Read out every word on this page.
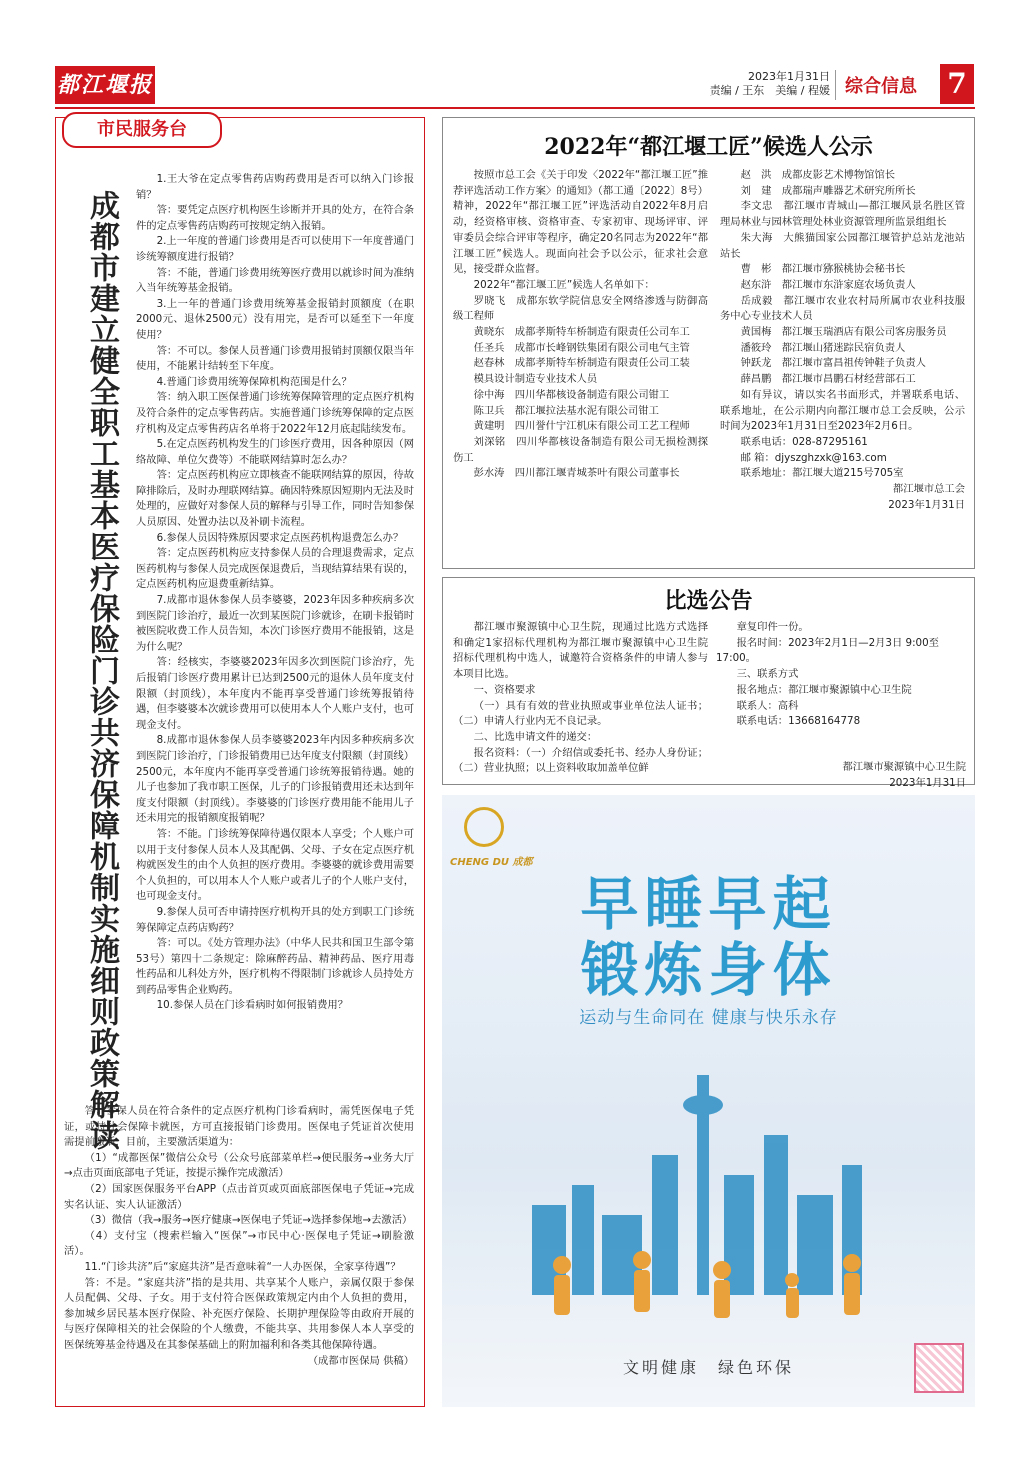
都江堰报	2023年1月31日
责编 / 王东　美编 / 程媛 综合信息 7
市民服务台
成都市建立健全职工基本医疗保险门诊共济保障机制实施细则政策解读

1.王大爷在定点零售药店购药费用是否可以纳入门诊报销？

答：要凭定点医疗机构医生诊断并开具的处方，在符合条件的定点零售药店购药可按规定纳入报销。

2.上一年度的普通门诊费用是否可以使用下一年度普通门诊统筹额度进行报销？

答：不能，普通门诊费用统筹医疗费用以就诊时间为准纳入当年统筹基金报销。

3.上一年的普通门诊费用统筹基金报销封顶额度（在职2000元、退休2500元）没有用完，是否可以延至下一年度使用？

答：不可以。参保人员普通门诊费用报销封顶额仅限当年使用，不能累计结转至下年度。

4.普通门诊费用统筹保障机构范围是什么？

答：纳入职工医保普通门诊统筹保障管理的定点医疗机构及符合条件的定点零售药店。实施普通门诊统筹保障的定点医疗机构及定点零售药店名单将于2022年12月底起陆续发布。

5.在定点医药机构发生的门诊医疗费用，因各种原因（网络故障、单位欠费等）不能联网结算时怎么办？

答：定点医药机构应立即核查不能联网结算的原因，待故障排除后，及时办理联网结算。确因特殊原因短期内无法及时处理的，应做好对参保人员的解释与引导工作，同时告知参保人员原因、处置办法以及补刷卡流程。

6.参保人员因特殊原因要求定点医药机构退费怎么办？

答：定点医药机构应支持参保人员的合理退费需求，定点医药机构与参保人员完成医保退费后，当现结算结果有误的，定点医药机构应退费重新结算。

7.成都市退休参保人员李婆婆，2023年因多种疾病多次到医院门诊治疗，最近一次到某医院门诊就诊，在刷卡报销时被医院收费工作人员告知，本次门诊医疗费用不能报销，这是为什么呢？

答：经核实，李婆婆2023年因多次到医院门诊治疗，先后报销门诊医疗费用累计已达到2500元的退休人员年度支付限额（封顶线），本年度内不能再享受普通门诊统筹报销待遇，但李婆婆本次就诊费用可以使用本人个人账户支付，也可现金支付。

8.成都市退休参保人员李婆婆2023年内因多种疾病多次到医院门诊治疗，门诊报销费用已达年度支付限额（封顶线）2500元，本年度内不能再享受普通门诊统筹报销待遇。她的儿子也参加了我市职工医保，儿子的门诊报销费用还未达到年度支付限额（封顶线）。李婆婆的门诊医疗费用能不能用儿子还未用完的报销额度报销呢？

答：不能。门诊统筹保障待遇仅限本人享受；个人账户可以用于支付参保人员本人及其配偶、父母、子女在定点医疗机构就医发生的由个人负担的医疗费用。李婆婆的就诊费用需要个人负担的，可以用本人个人账户或者儿子的个人账户支付，也可现金支付。

9.参保人员可否申请持医疗机构开具的处方到职工门诊统筹保障定点药店购药？

答：可以。《处方管理办法》（中华人民共和国卫生部令第53号）第四十二条规定：除麻醉药品、精神药品、医疗用毒性药品和儿科处方外，医疗机构不得限制门诊就诊人员持处方到药品零售企业购药。

10.参保人员在门诊看病时如何报销费用？

答：参保人员在符合条件的定点医疗机构门诊看病时，需凭医保电子凭证，或持社会保障卡就医，方可直接报销门诊费用。医保电子凭证首次使用需提前激活，目前，主要激活渠道为：

（1）“成都医保”微信公众号（公众号底部菜单栏→便民服务→业务大厅→点击页面底部电子凭证，按提示操作完成激活）

（2）国家医保服务平台APP（点击首页或页面底部医保电子凭证→完成实名认证、实人认证激活）

（3）微信（我→服务→医疗健康→医保电子凭证→选择参保地→去激活）

（4）支付宝（搜索栏输入“医保”→市民中心·医保电子凭证→刷脸激活）。

11.“门诊共济”后“家庭共济”是否意味着“一人办医保，全家享待遇”？

答：不是。“家庭共济”指的是共用、共享某个人账户，亲属仅限于参保人员配偶、父母、子女。用于支付符合医保政策规定内由个人负担的费用，参加城乡居民基本医疗保险、补充医疗保险、长期护理保险等由政府开展的与医疗保障相关的社会保险的个人缴费，不能共享、共用参保人本人享受的医保统筹基金待遇及在其参保基础上的附加福利和各类其他保障待遇。

（成都市医保局 供稿）

2022年“都江堰工匠”候选人公示

按照市总工会《关于印发〈2022年“都江堰工匠”推荐评选活动工作方案〉的通知》（都工通〔2022〕8号）精神，2022年“都江堰工匠”评选活动自2022年8月启动，经资格审核、资格审查、专家初审、现场评审、评审委员会综合评审等程序，确定20名同志为2022年“都江堰工匠”候选人。现面向社会予以公示，征求社会意见，接受群众监督。

2022年“都江堰工匠”候选人名单如下：

罗晓飞　成都东软学院信息安全网络渗透与防御高级工程师

黄晓东　成都孝斯特车桥制造有限责任公司车工

任圣兵　成都市长峰钢铁集团有限公司电气主管

赵春林　成都孝斯特车桥制造有限责任公司工装

模具设计制造专业技术人员

徐中海　四川华都核设备制造有限公司钳工

陈卫兵　都江堰拉法基水泥有限公司钳工

黄建明　四川誉什宁江机床有限公司工艺工程师

刘深铭　四川华都核设备制造有限公司无损检测探伤工

彭水涛　四川都江堰青城茶叶有限公司董事长

赵　洪　成都皮影艺术博物馆馆长

刘　建　成都瑞声雕器艺术研究所所长

李文忠　都江堰市青城山—都江堰风景名胜区管理局林业与园林管理处林业资源管理所监景组组长

朱大海　大熊猫国家公园都江堰管护总站龙池站站长

曹　彬　都江堰市猕猴桃协会秘书长

赵东浒　都江堰市东浒家庭农场负责人

岳成毅　都江堰市农业农村局所属市农业科技服务中心专业技术人员

黄国梅　都江堰玉瑞酒店有限公司客房服务员

潘筱玲　都江堰山猪迷踪民宿负责人

钟跃龙　都江堰市富昌祖传钟鞋子负责人

薛昌鹏　都江堰市昌鹏石材经营部石工

如有异议，请以实名书面形式，并署联系电话、联系地址，在公示期内向都江堰市总工会反映，公示时间为2023年1月31日至2023年2月6日。

联系电话：028-87295161

邮 箱：djyszghzxk@163.com

联系地址：都江堰大道215号705室

都江堰市总工会

2023年1月31日

比选公告

都江堰市聚源镇中心卫生院，现通过比选方式选择和确定1家招标代理机构为都江堰市聚源镇中心卫生院 招标代理机构中选人，诚邀符合资格条件的申请人参与本项目比选。

一、资格要求

（一）具有有效的营业执照或事业单位法人证书；（二）申请人行业内无不良记录。

二、比选申请文件的递交：

报名资料：（一）介绍信或委托书、经办人身份证；（二）营业执照；以上资料收取加盖单位鲜

章复印件一份。

报名时间：2023年2月1日—2月3日 9:00至17:00。

三、联系方式

报名地点：都江堰市聚源镇中心卫生院

联系人：高科

联系电话：13668164778

都江堰市聚源镇中心卫生院

2023年1月31日

CHENG DU 成都
早睡早起
锻炼身体
运动与生命同在 健康与快乐永存
文明健康　绿色环保
